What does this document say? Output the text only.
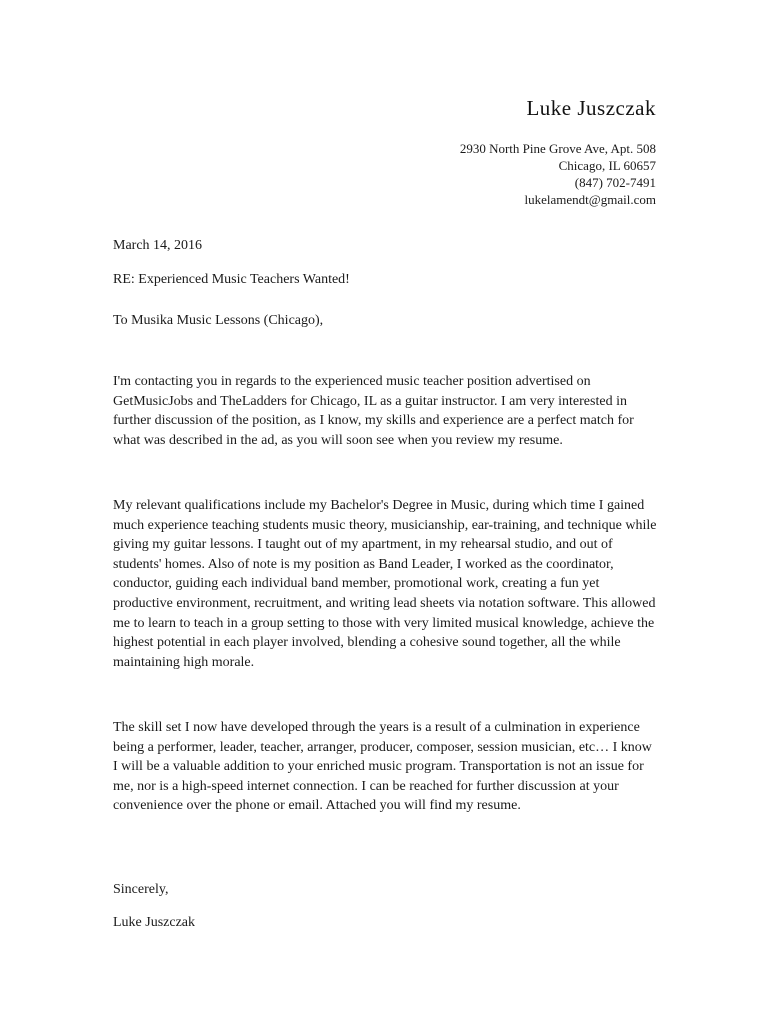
Luke Juszczak
2930 North Pine Grove Ave, Apt. 508
Chicago, IL 60657
(847) 702-7491
lukelamendt@gmail.com
March 14, 2016
RE: Experienced Music Teachers Wanted!
To Musika Music Lessons (Chicago),

I'm contacting you in regards to the experienced music teacher position advertised on GetMusicJobs and TheLadders for Chicago, IL as a guitar instructor. I am very interested in further discussion of the position, as I know, my skills and experience are a perfect match for what was described in the ad, as you will soon see when you review my resume.

My relevant qualifications include my Bachelor's Degree in Music, during which time I gained much experience teaching students music theory, musicianship, ear-training, and technique while giving my guitar lessons. I taught out of my apartment, in my rehearsal studio, and out of students' homes. Also of note is my position as Band Leader, I worked as the coordinator, conductor, guiding each individual band member, promotional work, creating a fun yet productive environment, recruitment, and writing lead sheets via notation software. This allowed me to learn to teach in a group setting to those with very limited musical knowledge, achieve the highest potential in each player involved, blending a cohesive sound together, all the while maintaining high morale.

The skill set I now have developed through the years is a result of a culmination in experience being a performer, leader, teacher, arranger, producer, composer, session musician, etc… I know I will be a valuable addition to your enriched music program. Transportation is not an issue for me, nor is a high-speed internet connection. I can be reached for further discussion at your convenience over the phone or email. Attached you will find my resume.

Sincerely,
Luke Juszczak
